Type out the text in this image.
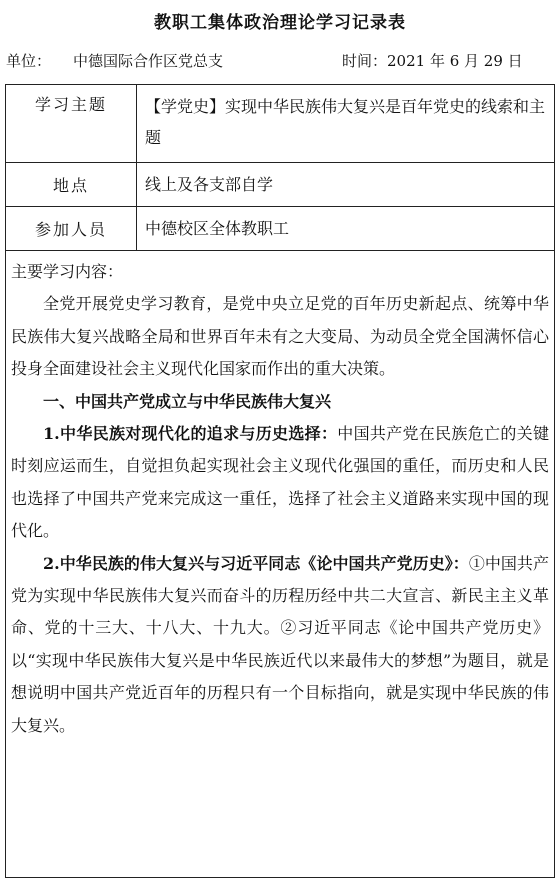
教职工集体政治理论学习记录表
单位： 中德国际合作区党总支	时间：2021 年 6 月 29 日
学习主题	【学党史】实现中华民族伟大复兴是百年党史的线索和主题
地点	线上及各支部自学
参加人员	中德校区全体教职工

主要学习内容：

全党开展党史学习教育，是党中央立足党的百年历史新起点、统筹中华民族伟大复兴战略全局和世界百年未有之大变局、为动员全党全国满怀信心投身全面建设社会主义现代化国家而作出的重大决策。

一、中国共产党成立与中华民族伟大复兴

1.中华民族对现代化的追求与历史选择：中国共产党在民族危亡的关键时刻应运而生，自觉担负起实现社会主义现代化强国的重任，而历史和人民也选择了中国共产党来完成这一重任，选择了社会主义道路来实现中国的现代化。

2.中华民族的伟大复兴与习近平同志《论中国共产党历史》：①中国共产党为实现中华民族伟大复兴而奋斗的历程历经中共二大宣言、新民主主义革命、党的十三大、十八大、十九大。②习近平同志《论中国共产党历史》以“实现中华民族伟大复兴是中华民族近代以来最伟大的梦想”为题目，就是想说明中国共产党近百年的历程只有一个目标指向，就是实现中华民族的伟大复兴。
